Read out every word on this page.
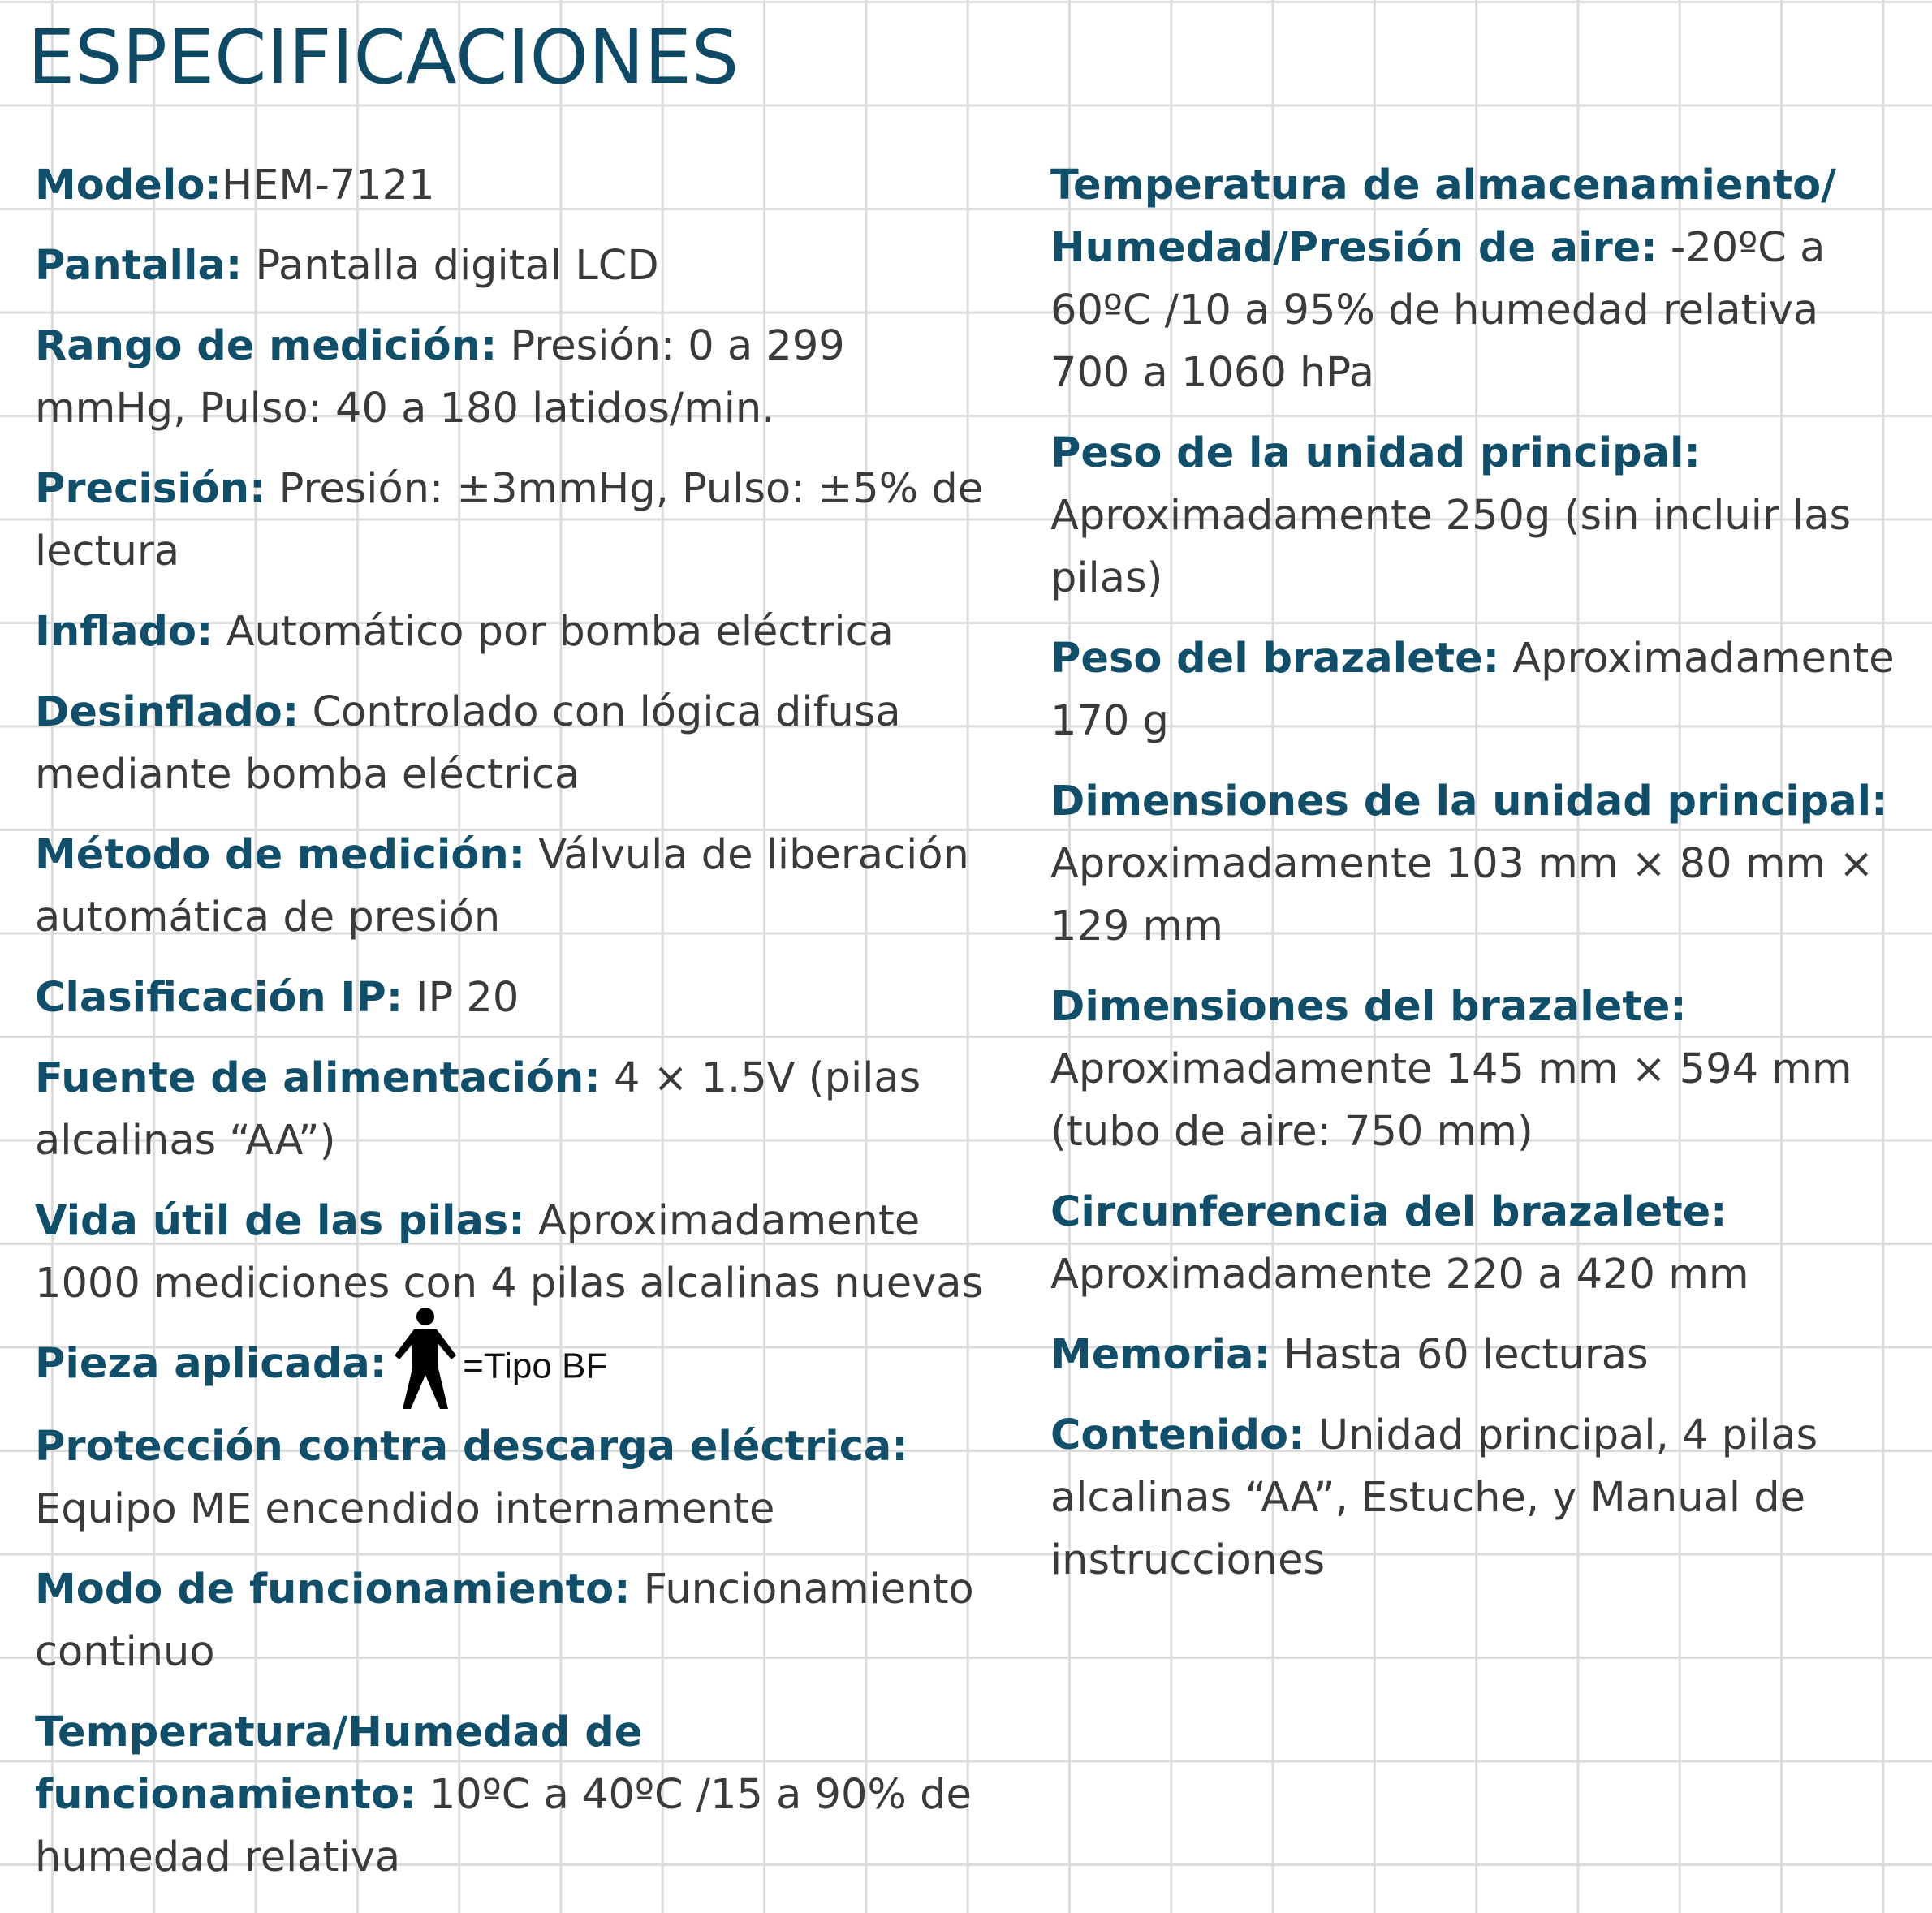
ESPECIFICACIONES

Modelo:HEM-7121

Pantalla: Pantalla digital LCD

Rango de medición: Presión: 0 a 299 mmHg, Pulso: 40 a 180 latidos/min.

Precisión: Presión: ±3mmHg, Pulso: ±5% de lectura

Inflado: Automático por bomba eléctrica

Desinflado: Controlado con lógica difusa mediante bomba eléctrica

Método de medición: Válvula de liberación automática de presión

Clasificación IP: IP 20

Fuente de alimentación: 4 × 1.5V (pilas alcalinas “AA”)

Vida útil de las pilas: Aproximadamente 1000 mediciones con 4 pilas alcalinas nuevas

Pieza aplicada: =Tipo BF

Protección contra descarga eléctrica: Equipo ME encendido internamente

Modo de funcionamiento: Funcionamiento continuo

Temperatura/Humedad de funcionamiento: 10ºC a 40ºC /15 a 90% de humedad relativa

Temperatura de almacenamiento/ Humedad/Presión de aire: -20ºC a 60ºC /10 a 95% de humedad relativa 700 a 1060 hPa

Peso de la unidad principal: Aproximadamente 250g (sin incluir las pilas)

Peso del brazalete: Aproximadamente 170 g

Dimensiones de la unidad principal: Aproximadamente 103 mm × 80 mm × 129 mm

Dimensiones del brazalete: Aproximadamente 145 mm × 594 mm (tubo de aire: 750 mm)

Circunferencia del brazalete: Aproximadamente 220 a 420 mm

Memoria: Hasta 60 lecturas

Contenido: Unidad principal, 4 pilas alcalinas “AA”, Estuche, y Manual de instrucciones
